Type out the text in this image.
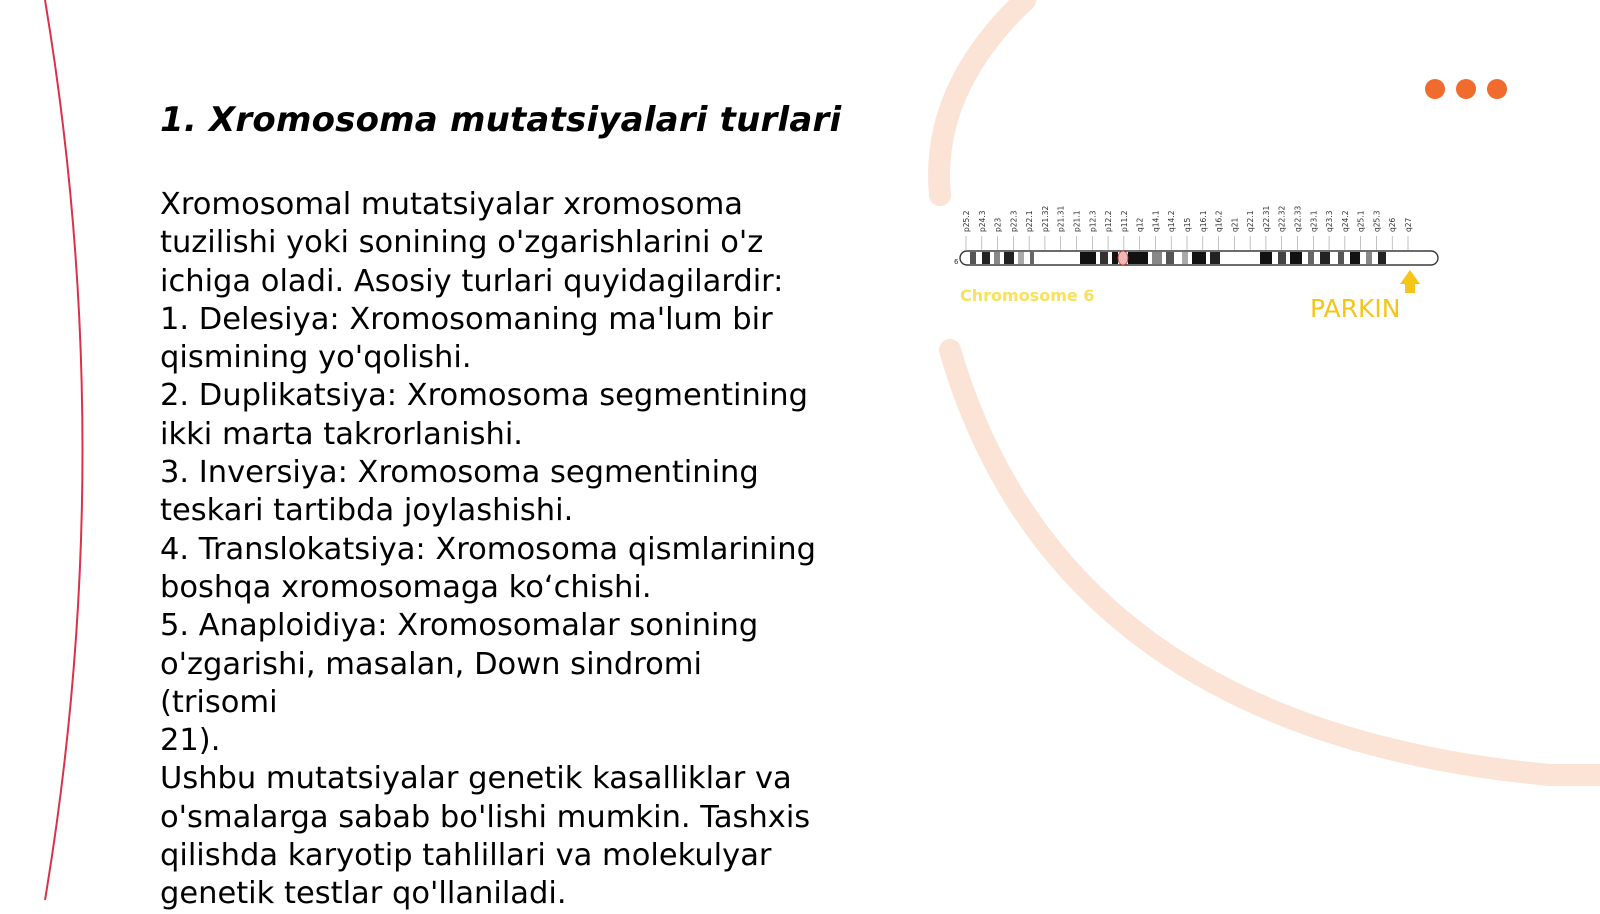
1. Xromosoma mutatsiyalari turlari

Xromosomal mutatsiyalar xromosoma

tuzilishi yoki sonining o'zgarishlarini o'z

ichiga oladi. Asosiy turlari quyidagilardir:

1. Delesiya: Xromosomaning ma'lum bir

qismining yo'qolishi.

2. Duplikatsiya: Xromosoma segmentining

ikki marta takrorlanishi.

3. Inversiya: Xromosoma segmentining

teskari tartibda joylashishi.

4. Translokatsiya: Xromosoma qismlarining

boshqa xromosomaga ko‘chishi.

5. Anaploidiya: Xromosomalar sonining

o'zgarishi, masalan, Down sindromi (trisomi

21).

Ushbu mutatsiyalar genetik kasalliklar va

o'smalarga sabab bo'lishi mumkin. Tashxis

qilishda karyotip tahlillari va molekulyar

genetik testlar qo'llaniladi.

p25.2 p24.3 p23 p22.3 p22.1 p21.32 p21.31 p21.1 p12.3 p12.2 p11.2 q12 q14.1 q14.2 q15 q16.1 q16.2 q21 q22.1 q22.31 q22.32 q22.33 q23.1 q23.3 q24.2 q25.1 q25.3 q26 q27
6
Chromosome 6	PARKIN
